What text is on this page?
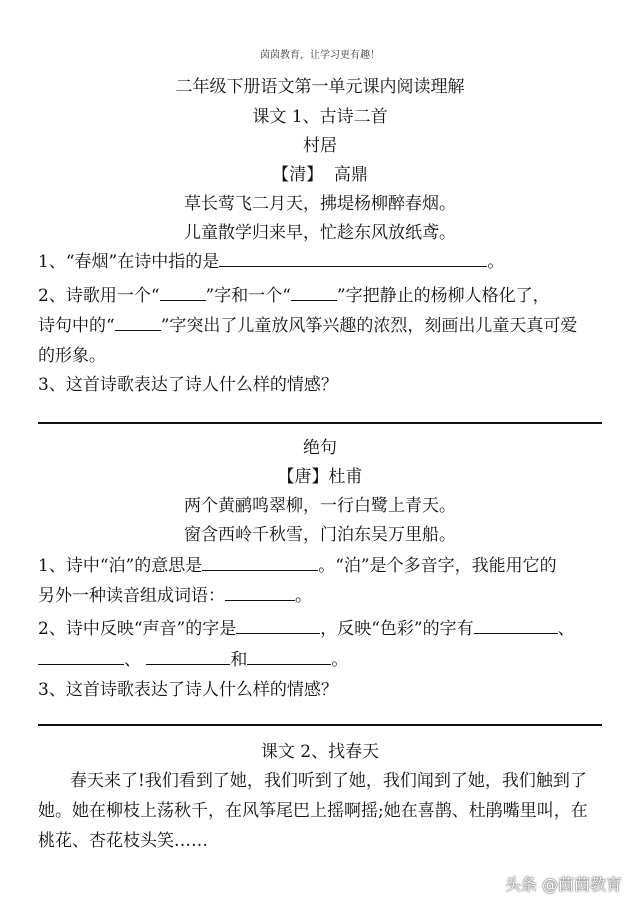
茵茵教育，让学习更有趣！
二年级下册语文第一单元课内阅读理解
课文 1、古诗二首
村居
【清】 高鼎
草长莺飞二月天，拂堤杨柳醉春烟。
儿童散学归来早，忙趁东风放纸鸢。
1、“春烟”在诗中指的是	。
2、诗歌用一个“	”字和一个“	”字把静止的杨柳人格化了，
诗句中的“	”字突出了儿童放风筝兴趣的浓烈，刻画出儿童天真可爱
的形象。
3、这首诗歌表达了诗人什么样的情感？
绝句
【唐】杜甫
两个黄鹂鸣翠柳，一行白鹭上青天。
窗含西岭千秋雪，门泊东吴万里船。
1、诗中“泊”的意思是	。“泊”是个多音字，我能用它的
另外一种读音组成词语：	。
2、诗中反映“声音”的字是	，反映“色彩”的字有	、
、	和	。
3、这首诗歌表达了诗人什么样的情感？
课文 2、找春天
春天来了!我们看到了她，我们听到了她，我们闻到了她，我们触到了
她。她在柳枝上荡秋千，在风筝尾巴上摇啊摇;她在喜鹊、杜鹃嘴里叫，在
桃花、杏花枝头笑……
头条 @茵茵教育
